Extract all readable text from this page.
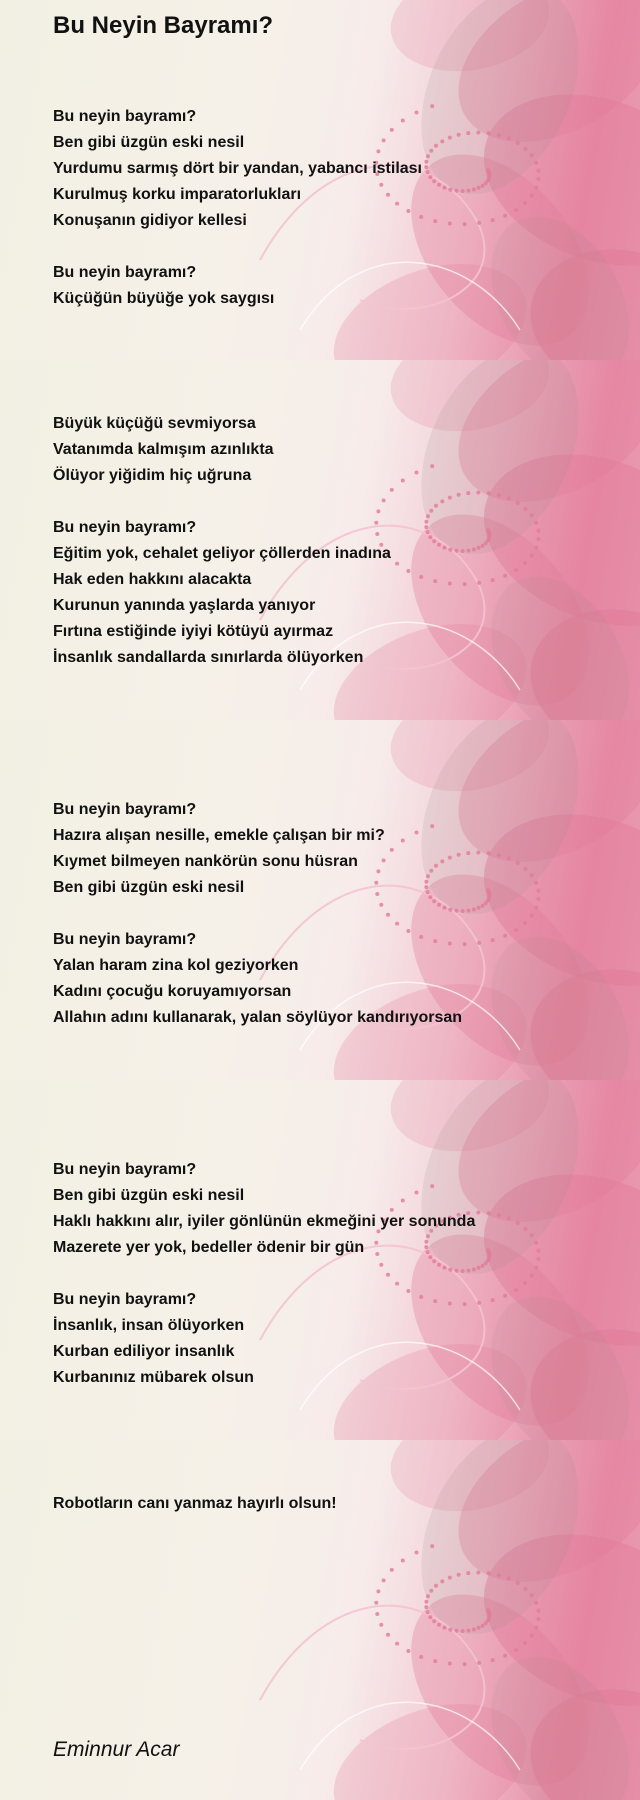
Bu Neyin Bayramı?
Bu neyin bayramı?
Ben gibi üzgün eski nesil
Yurdumu sarmış dört bir yandan, yabancı istilası
Kurulmuş korku imparatorlukları
Konuşanın gidiyor kellesi
Bu neyin bayramı?
Küçüğün büyüğe yok saygısı
Büyük küçüğü sevmiyorsa
Vatanımda kalmışım azınlıkta
Ölüyor yiğidim hiç uğruna
Bu neyin bayramı?
Eğitim yok, cehalet geliyor çöllerden inadına
Hak eden hakkını alacakta
Kurunun yanında yaşlarda yanıyor
Fırtına estiğinde iyiyi kötüyü ayırmaz
İnsanlık sandallarda sınırlarda ölüyorken
Bu neyin bayramı?
Hazıra alışan nesille, emekle çalışan bir mi?
Kıymet bilmeyen nankörün sonu hüsran
Ben gibi üzgün eski nesil
Bu neyin bayramı?
Yalan haram zina kol geziyorken
Kadını çocuğu koruyamıyorsan
Allahın adını kullanarak, yalan söylüyor kandırıyorsan
Bu neyin bayramı?
Ben gibi üzgün eski nesil
Haklı hakkını alır, iyiler gönlünün ekmeğini yer sonunda
Mazerete yer yok, bedeller ödenir bir gün
Bu neyin bayramı?
İnsanlık, insan ölüyorken
Kurban ediliyor insanlık
Kurbanınız mübarek olsun
Robotların canı yanmaz hayırlı olsun!
Eminnur Acar
